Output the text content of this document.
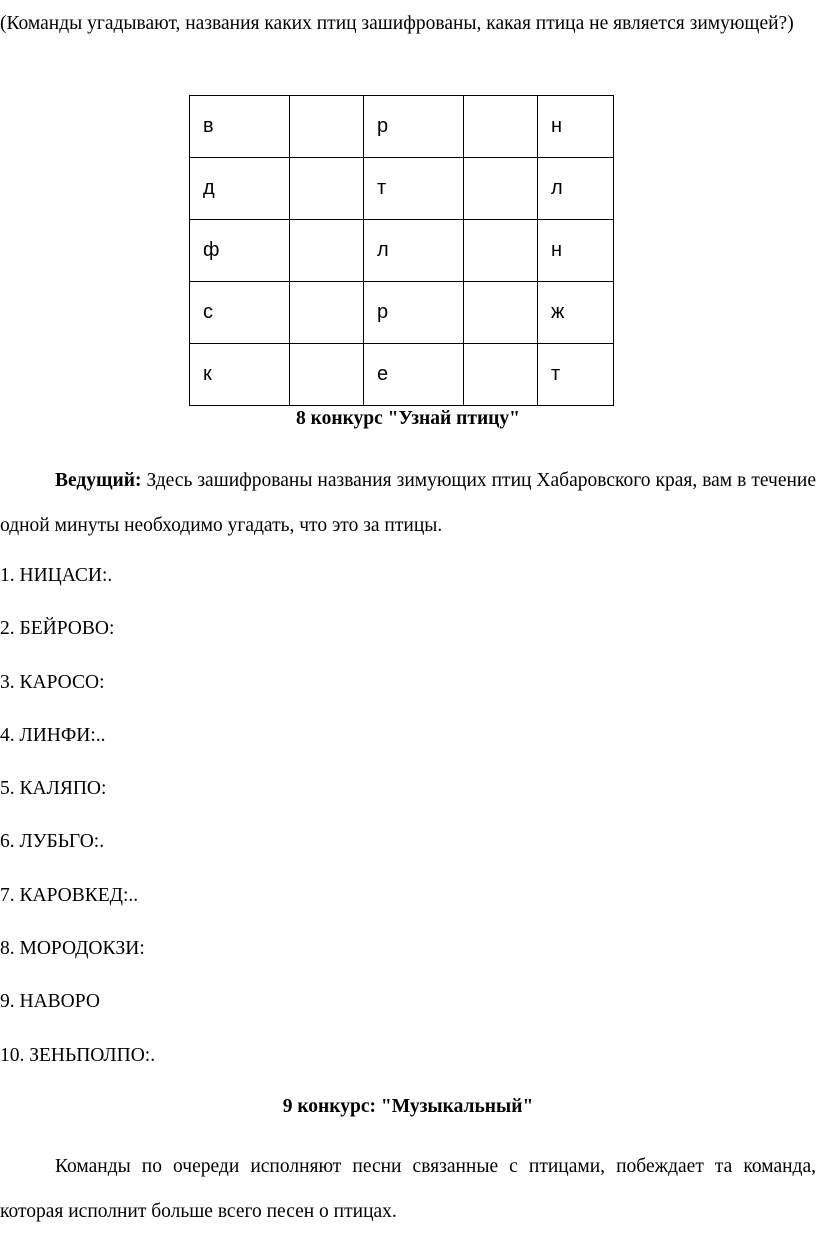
(Команды угадывают, названия каких птиц зашифрованы, какая птица не является зимующей?)

в		р		н
д		т		л
ф		л		н
с		р		ж
к		е		т

8 конкурс "Узнай птицу"

Ведущий: Здесь зашифрованы названия зимующих птиц Хабаровского края, вам в течение одной минуты необходимо угадать, что это за птицы.

1. НИЦАСИ:.
2. БЕЙРОВО:
3. КАРОСО:
4. ЛИНФИ:..
5. КАЛЯПО:
6. ЛУБЬГО:.
7. КАРОВКЕД:..
8. МОРОДОКЗИ:
9. НАВОРО
10. ЗЕНЬПОЛПО:.

9 конкурс: "Музыкальный"

Команды по очереди исполняют песни связанные с птицами, побеждает та команда, которая исполнит больше всего песен о птицах.
